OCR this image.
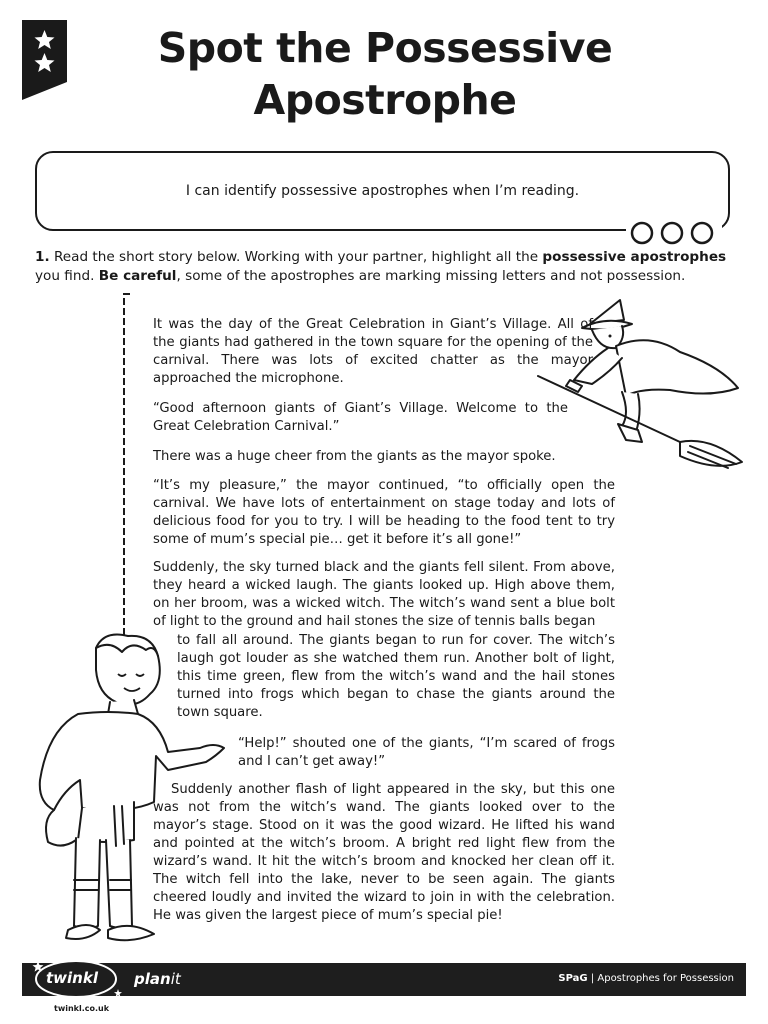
Spot the Possessive
Apostrophe
I can identify possessive apostrophes when I’m reading.

1. Read the short story below. Working with your partner, highlight all the possessive apostrophes you find. Be careful, some of the apostrophes are marking missing letters and not possession.

It was the day of the Great Celebration in Giant’s Village. All of the giants had gathered in the town square for the opening of the carnival. There was lots of excited chatter as the mayor approached the microphone.

“Good afternoon giants of Giant’s Village. Welcome to the Great Celebration Carnival.”

There was a huge cheer from the giants as the mayor spoke.

“It’s my pleasure,” the mayor continued, “to officially open the carnival. We have lots of entertainment on stage today and lots of delicious food for you to try. I will be heading to the food tent to try some of mum’s special pie… get it before it’s all gone!”

Suddenly, the sky turned black and the giants fell silent. From above, they heard a wicked laugh. The giants looked up. High above them, on her broom, was a wicked witch. The witch’s wand sent a blue bolt of light to the ground and hail stones the size of tennis balls began

to fall all around. The giants began to run for cover. The witch’s laugh got louder as she watched them run. Another bolt of light, this time green, flew from the witch’s wand and the hail stones turned into frogs which began to chase the giants around the town square.

“Help!” shouted one of the giants, “I’m scared of frogs and I can’t get away!”

Suddenly another flash of light appeared in the sky, but this one was not from the witch’s wand. The giants looked over to the mayor’s stage. Stood on it was the good wizard. He lifted his wand and pointed at the witch’s broom. A bright red light flew from the wizard’s wand. It hit the witch’s broom and knocked her clean off it. The witch fell into the lake, never to be seen again. The giants cheered loudly and invited the wizard to join in with the celebration. He was given the largest piece of mum’s special pie!

twinkl planit	SPaG | Apostrophes for Possession
twinkl.co.uk
